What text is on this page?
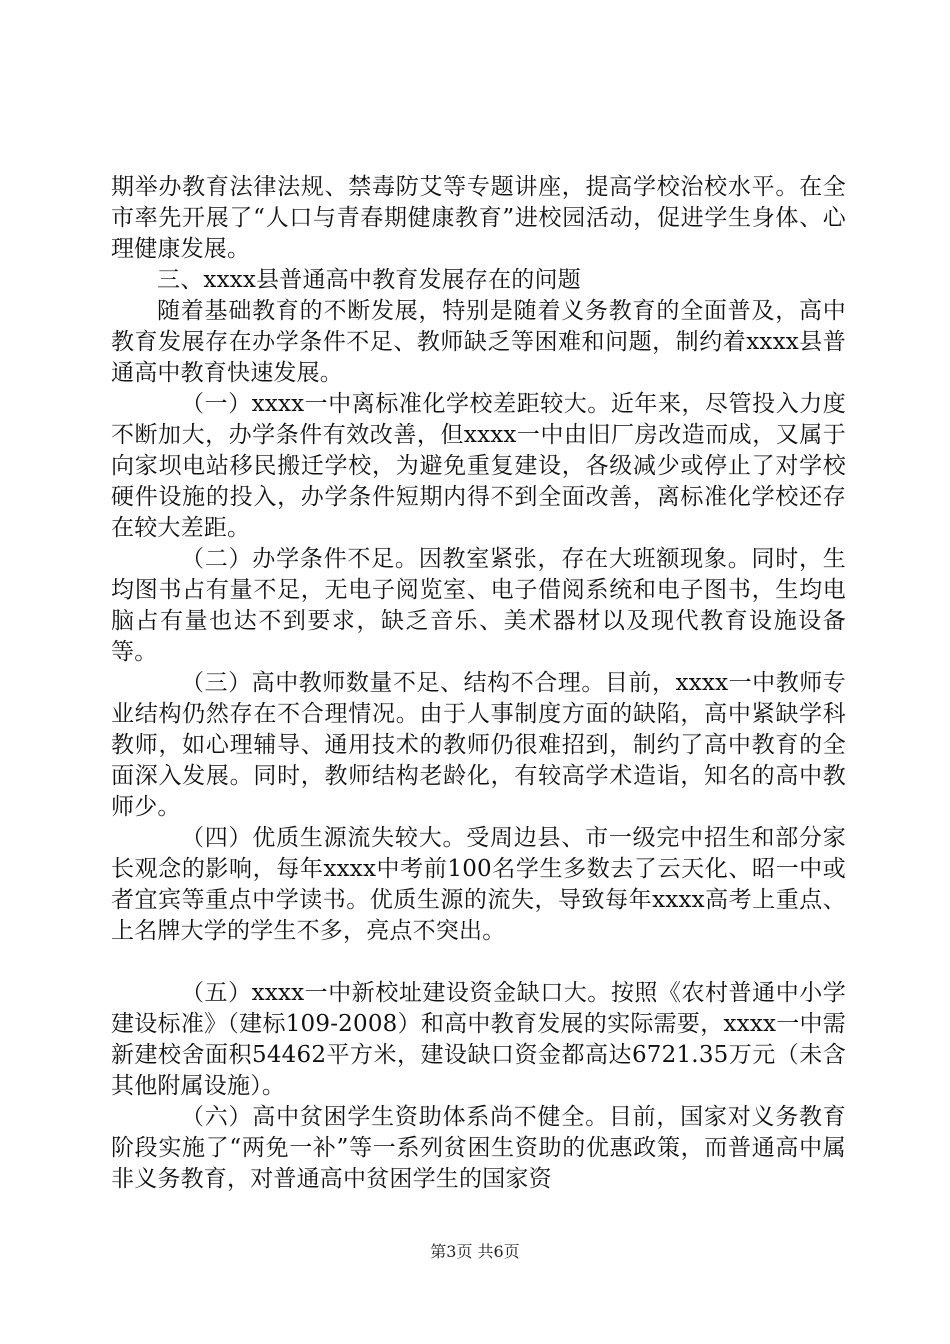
期举办教育法律法规、禁毒防艾等专题讲座，提高学校治校水平。在全市率先开展了“人口与青春期健康教育”进校园活动，促进学生身体、心理健康发展。

三、xxxx县普通高中教育发展存在的问题

随着基础教育的不断发展，特别是随着义务教育的全面普及，高中教育发展存在办学条件不足、教师缺乏等困难和问题，制约着xxxx县普通高中教育快速发展。

（一）xxxx一中离标准化学校差距较大。近年来，尽管投入力度不断加大，办学条件有效改善，但xxxx一中由旧厂房改造而成，又属于向家坝电站移民搬迁学校，为避免重复建设，各级减少或停止了对学校硬件设施的投入，办学条件短期内得不到全面改善，离标准化学校还存在较大差距。

（二）办学条件不足。因教室紧张，存在大班额现象。同时，生均图书占有量不足，无电子阅览室、电子借阅系统和电子图书，生均电脑占有量也达不到要求，缺乏音乐、美术器材以及现代教育设施设备等。

（三）高中教师数量不足、结构不合理。目前，xxxx一中教师专业结构仍然存在不合理情况。由于人事制度方面的缺陷，高中紧缺学科教师，如心理辅导、通用技术的教师仍很难招到，制约了高中教育的全面深入发展。同时，教师结构老龄化，有较高学术造诣，知名的高中教师少。

（四）优质生源流失较大。受周边县、市一级完中招生和部分家长观念的影响，每年xxxx中考前100名学生多数去了云天化、昭一中或者宜宾等重点中学读书。优质生源的流失，导致每年xxxx高考上重点、上名牌大学的学生不多，亮点不突出。

（五）xxxx一中新校址建设资金缺口大。按照《农村普通中小学建设标准》（建标109-2008）和高中教育发展的实际需要，xxxx一中需新建校舍面积54462平方米，建设缺口资金都高达6721.35万元（未含其他附属设施）。

（六）高中贫困学生资助体系尚不健全。目前，国家对义务教育阶段实施了“两免一补”等一系列贫困生资助的优惠政策，而普通高中属非义务教育，对普通高中贫困学生的国家资

第3页 共6页
